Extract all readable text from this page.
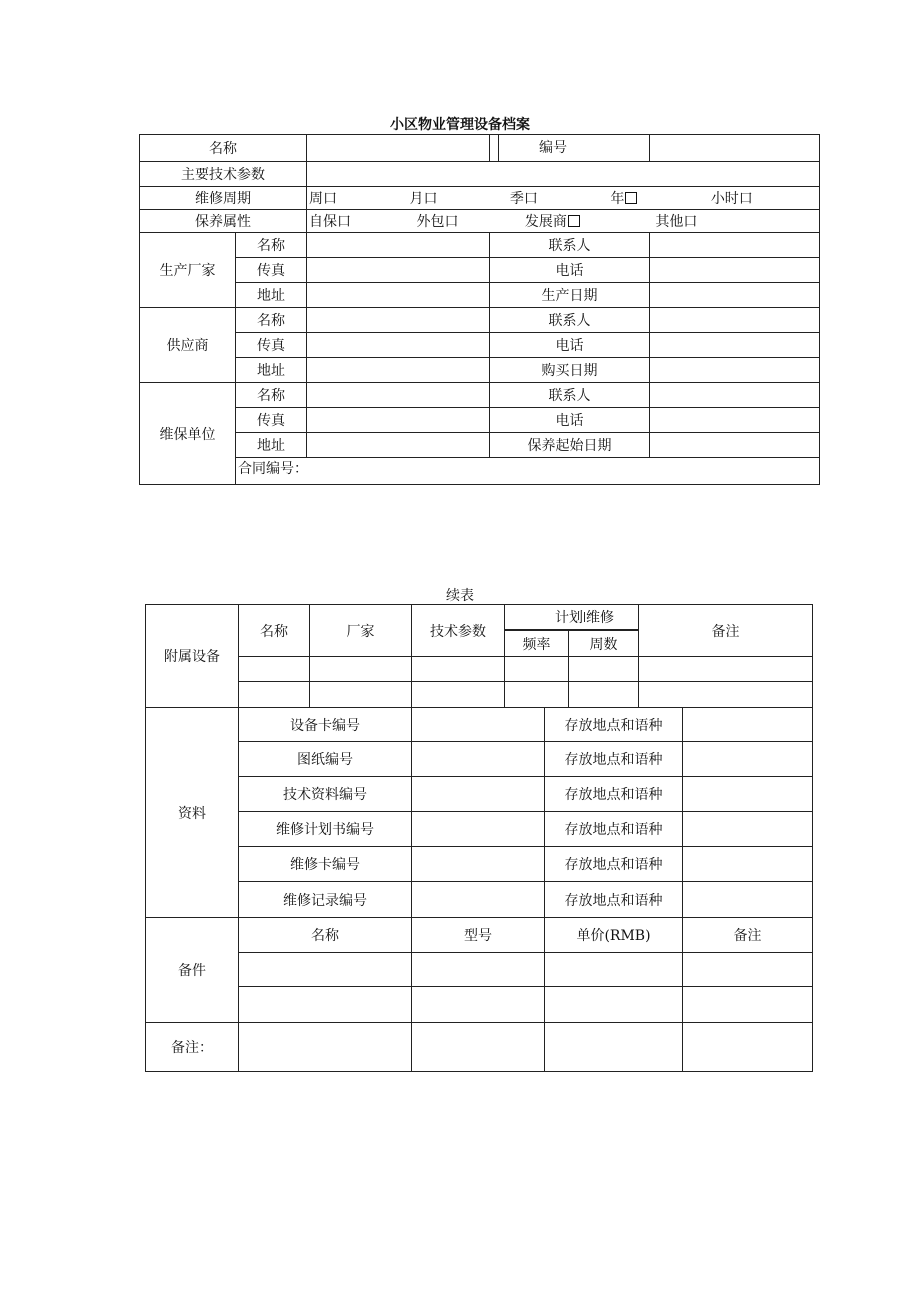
小区物业管理设备档案
名称			编号	

主要技术参数				
维修周期		周口 月口 季口 年 小时口		
保养属性		自保口 外包口 发展商 其他口		
生产厂家	名称		联系人	
	传真		电话	
	地址		生产日期	
供应商	名称		联系人	
	传真		电话	
	地址		购买日期	
维保单位	名称		联系人	
	传真		电话	
	地址		保养起始日期	
	合同编号：			
续表
附属设备	名称	厂家	技术参数	计划 维修			备注	
				频率		周数		

资料	设备卡编号				存放地点和语种			
	图纸编号				存放地点和语种			
	技术资料编号				存放地点和语种			
	维修计划书编号				存放地点和语种			
	维修卡编号				存放地点和语种			
	维修记录编号				存放地点和语种			
备件	名称		型号		单价(RMB)			备注

备注：								
